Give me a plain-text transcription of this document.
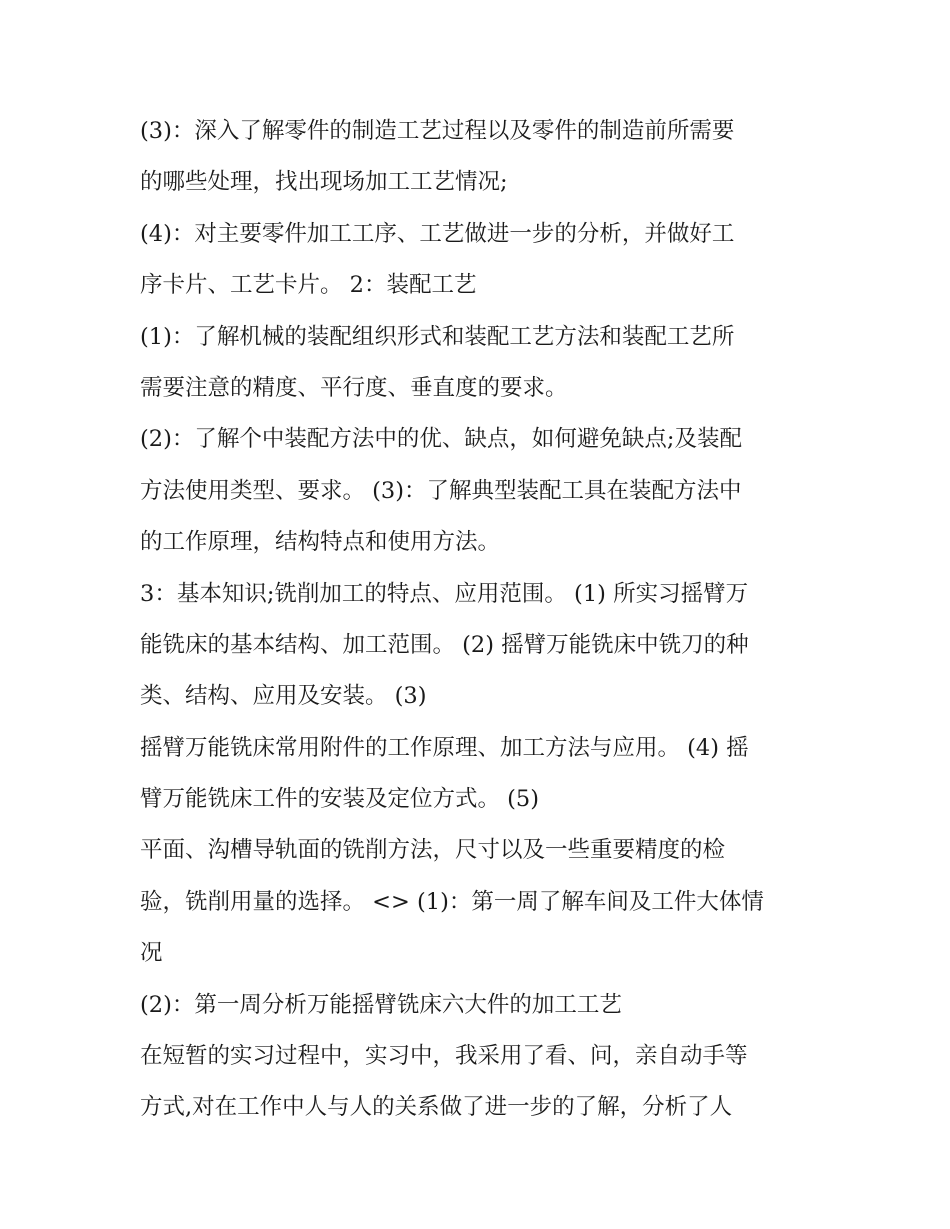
(3)：深入了解零件的制造工艺过程以及零件的制造前所需要
的哪些处理，找出现场加工工艺情况;
(4)：对主要零件加工工序、工艺做进一步的分析，并做好工
序卡片、工艺卡片。 2：装配工艺
(1)：了解机械的装配组织形式和装配工艺方法和装配工艺所
需要注意的精度、平行度、垂直度的要求。
(2)：了解个中装配方法中的优、缺点，如何避免缺点;及装配
方法使用类型、要求。 (3)：了解典型装配工具在装配方法中
的工作原理，结构特点和使用方法。
3：基本知识;铣削加工的特点、应用范围。 (1) 所实习摇臂万
能铣床的基本结构、加工范围。 (2) 摇臂万能铣床中铣刀的种
类、结构、应用及安装。 (3)
摇臂万能铣床常用附件的工作原理、加工方法与应用。 (4) 摇
臂万能铣床工件的安装及定位方式。 (5)
平面、沟槽导轨面的铣削方法，尺寸以及一些重要精度的检
验，铣削用量的选择。 <> (1)：第一周了解车间及工件大体情
况
(2)：第一周分析万能摇臂铣床六大件的加工工艺
在短暂的实习过程中，实习中，我采用了看、问，亲自动手等
方式,对在工作中人与人的关系做了进一步的了解，分析了人
